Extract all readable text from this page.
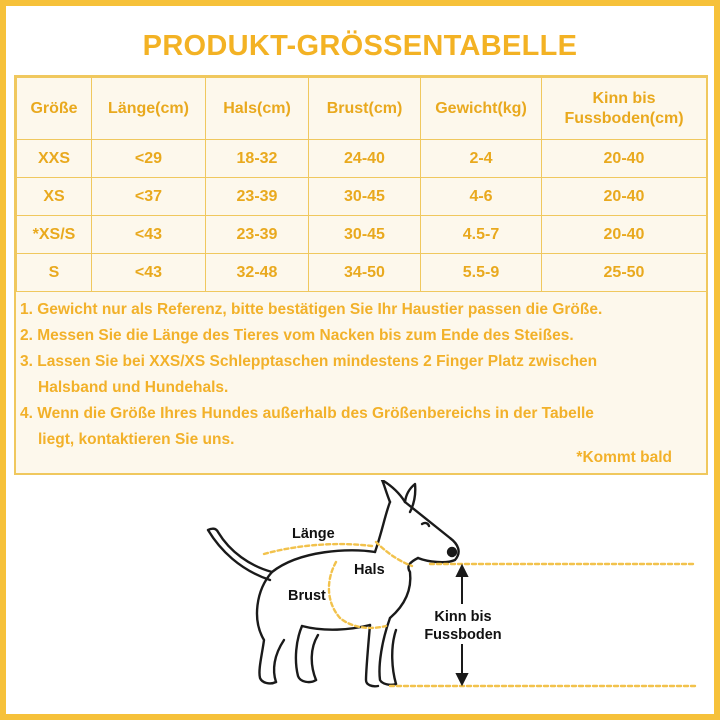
PRODUKT-GRÖSSENTABELLE
Größe	Länge(cm)	Hals(cm)	Brust(cm)	Gewicht(kg)	Kinn bis Fussboden(cm)
XXS	<29	18-32	24-40	2-4	20-40
XS	<37	23-39	30-45	4-6	20-40
*XS/S	<43	23-39	30-45	4.5-7	20-40
S	<43	32-48	34-50	5.5-9	25-50
1. Gewicht nur als Referenz, bitte bestätigen Sie Ihr Haustier passen die Größe.
2. Messen Sie die Länge des Tieres vom Nacken bis zum Ende des Steißes.
3. Lassen Sie bei XXS/XS Schlepptaschen mindestens 2 Finger Platz zwischen
Halsband und Hundehals.
4. Wenn die Größe Ihres Hundes außerhalb des Größenbereichs in der Tabelle
liegt, kontaktieren Sie uns.
*Kommt bald
Länge
Hals
Brust
Kinn bis
Fussboden
